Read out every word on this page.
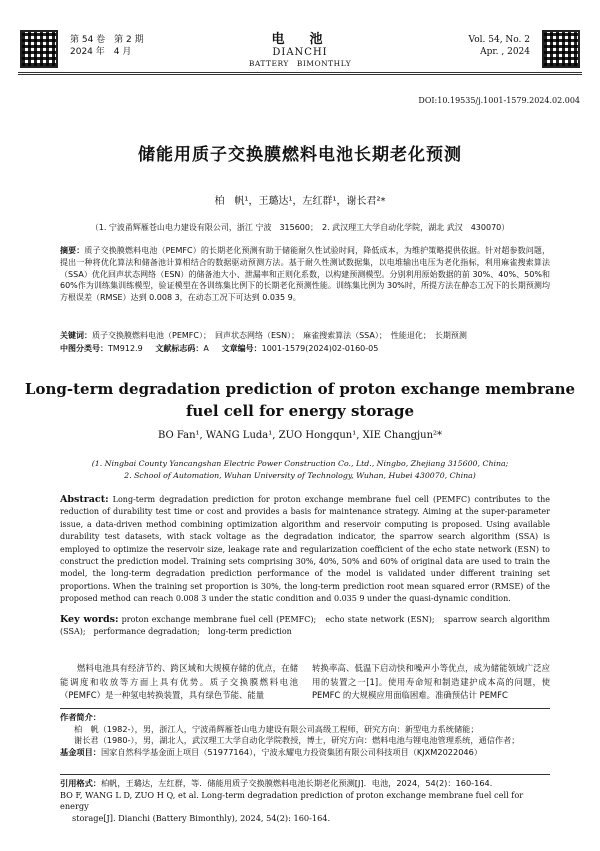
第 54 卷　第 2 期
2024 年　4 月
电　池
DIANCHI
BATTERY　BIMONTHLY
Vol. 54, No. 2
Apr. , 2024
DOI:10.19535/j.1001-1579.2024.02.004
储能用质子交换膜燃料电池长期老化预测
柏　帆¹，王璐达¹，左红群¹，谢长君²*
（1. 宁波甬辉雁苍山电力建设有限公司，浙江 宁波　315600；　2. 武汉理工大学自动化学院，湖北 武汉　430070）
摘要：质子交换膜燃料电池（PEMFC）的长期老化预测有助于储能耐久性试验时间，降低成本，为维护策略提供依据。针对超参数问题，提出一种将优化算法和储备池计算相结合的数据驱动预测方法。基于耐久性测试数据集，以电堆输出电压为老化指标，利用麻雀搜索算法（SSA）优化回声状态网络（ESN）的储备池大小、泄漏率和正则化系数，以构建预测模型。分别利用原始数据的前 30%、40%、50%和 60%作为训练集训练模型，验证模型在各训练集比例下的长期老化预测性能。训练集比例为 30%时，所提方法在静态工况下的长期预测均方根误差（RMSE）达到 0.008 3，在动态工况下可达到 0.035 9。
关键词：质子交换膜燃料电池（PEMFC）；　回声状态网络（ESN）；　麻雀搜索算法（SSA）；　性能退化；　长期预测
中图分类号：TM912.9 文献标志码：A 文章编号：1001-1579(2024)02-0160-05
Long-term degradation prediction of proton exchange membrane
fuel cell for energy storage
BO Fan¹, WANG Luda¹, ZUO Hongqun¹, XIE Changjun²*
(1. Ningbai County Yancangshan Electric Power Construction Co., Ltd., Ningbo, Zhejiang 315600, China;
2. School of Automation, Wuhan University of Technology, Wuhan, Hubei 430070, China)
Abstract: Long-term degradation prediction for proton exchange membrane fuel cell (PEMFC) contributes to the reduction of durability test time or cost and provides a basis for maintenance strategy. Aiming at the super-parameter issue, a data-driven method combining optimization algorithm and reservoir computing is proposed. Using available durability test datasets, with stack voltage as the degradation indicator, the sparrow search algorithm (SSA) is employed to optimize the reservoir size, leakage rate and regularization coefficient of the echo state network (ESN) to construct the prediction model. Training sets comprising 30%, 40%, 50% and 60% of original data are used to train the model, the long-term degradation prediction performance of the model is validated under different training set proportions. When the training set proportion is 30%, the long-term prediction root mean squared error (RMSE) of the proposed method can reach 0.008 3 under the static condition and 0.035 9 under the quasi-dynamic condition.
Key words: proton exchange membrane fuel cell (PEMFC);　echo state network (ESN);　sparrow search algorithm (SSA);　performance degradation;　long-term prediction
　　燃料电池具有经济节约、跨区域和大规模存储的优点，在储能调度和收放等方面上具有优势。质子交换膜燃料电池（PEMFC）是一种氢电转换装置，具有绿色节能、能量
转换率高、低温下启动快和噪声小等优点，成为储能领域广泛应用的装置之一[1]。使用寿命短和制造建护成本高的问题，使 PEMFC 的大规模应用面临困难。准确预估计 PEMFC
作者简介：
柏　帆（1982-），男，浙江人，宁波甬辉雁苍山电力建设有限公司高级工程师，研究方向：新型电力系统储能；
谢长君（1980-），男，湖北人，武汉理工大学自动化学院教授，博士，研究方向：燃料电池与锂电池管理系统，通信作者；
基金项目：国家自然科学基金面上项目（51977164），宁波永耀电力投资集团有限公司科技项目（KJXM2022046）
引用格式：柏帆，王璐达，左红群，等．储能用质子交换膜燃料电池长期老化预测[J]．电池，2024，54(2)：160-164.
BO F, WANG L D, ZUO H Q, et al. Long-term degradation prediction of proton exchange membrane fuel cell for energy
storage[J]. Dianchi (Battery Bimonthly), 2024, 54(2): 160-164.
